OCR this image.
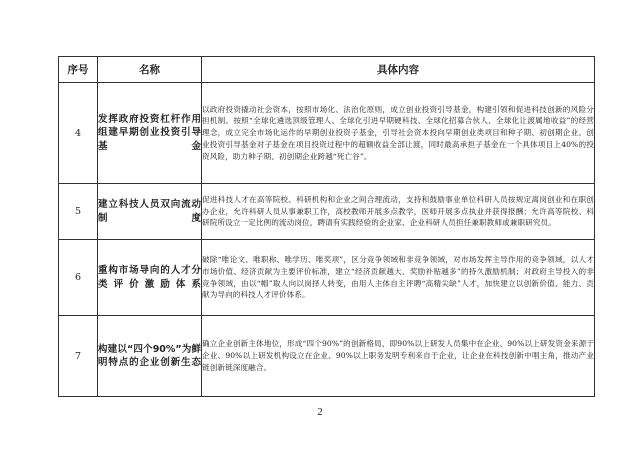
序号	名称	具体内容
4	发挥政府投资杠杆作用组建早期创业投资引导基金	以政府投资撬动社会资本，按照市场化、法治化原则，成立创业投资引导基金，构建引领和促进科技创新的风险分担机制。按照“全球化遴选顶级管理人、全球化引进早期硬科技、全球化招募合伙人、全球化让渡属地收益”的经营理念，成立完全市场化运作的早期创业投资子基金，引导社会资本投向早期创业类项目和种子期、初创期企业。创业投资引导基金对子基金在项目投资过程中的超额收益全部让渡，同时最高承担子基金在一个具体项目上40%的投资风险，助力种子期、初创期企业跨越“死亡谷”。
5	建立科技人员双向流动制度	促进科技人才在高等院校、科研机构和企业之间合理流动，支持和鼓励事业单位科研人员按规定离岗创业和在职创办企业，允许科研人员从事兼职工作，高校教师开展多点教学，医师开展多点执业并获得报酬；允许高等院校、科研院所设立一定比例的流动岗位，聘请有实践经验的企业家、企业科研人员担任兼职教师或兼职研究员。
6	重构市场导向的人才分类评价激励体系	破除“唯论文、唯职称、唯学历、唯奖项”，区分竞争领域和非竞争领域，对市场发挥主导作用的竞争领域，以人才市场价值、经济贡献为主要评价标准，建立“经济贡献越大、奖励补贴越多”的持久激励机制；对政府主导投入的非竞争领域，由以“帽”取人向以岗择人转变，由用人主体自主评聘“高精尖缺”人才，加快建立以创新价值、能力、贡献为导向的科技人才评价体系。
7	构建以“四个90%”为鲜明特点的企业创新生态	确立企业创新主体地位，形成“四个90%”的创新格局，即90%以上研发人员集中在企业、90%以上研发资金来源于企业、90%以上研发机构设立在企业、90%以上职务发明专利来自于企业，让企业在科技创新中唱主角，推动产业链创新链深度融合。
2
